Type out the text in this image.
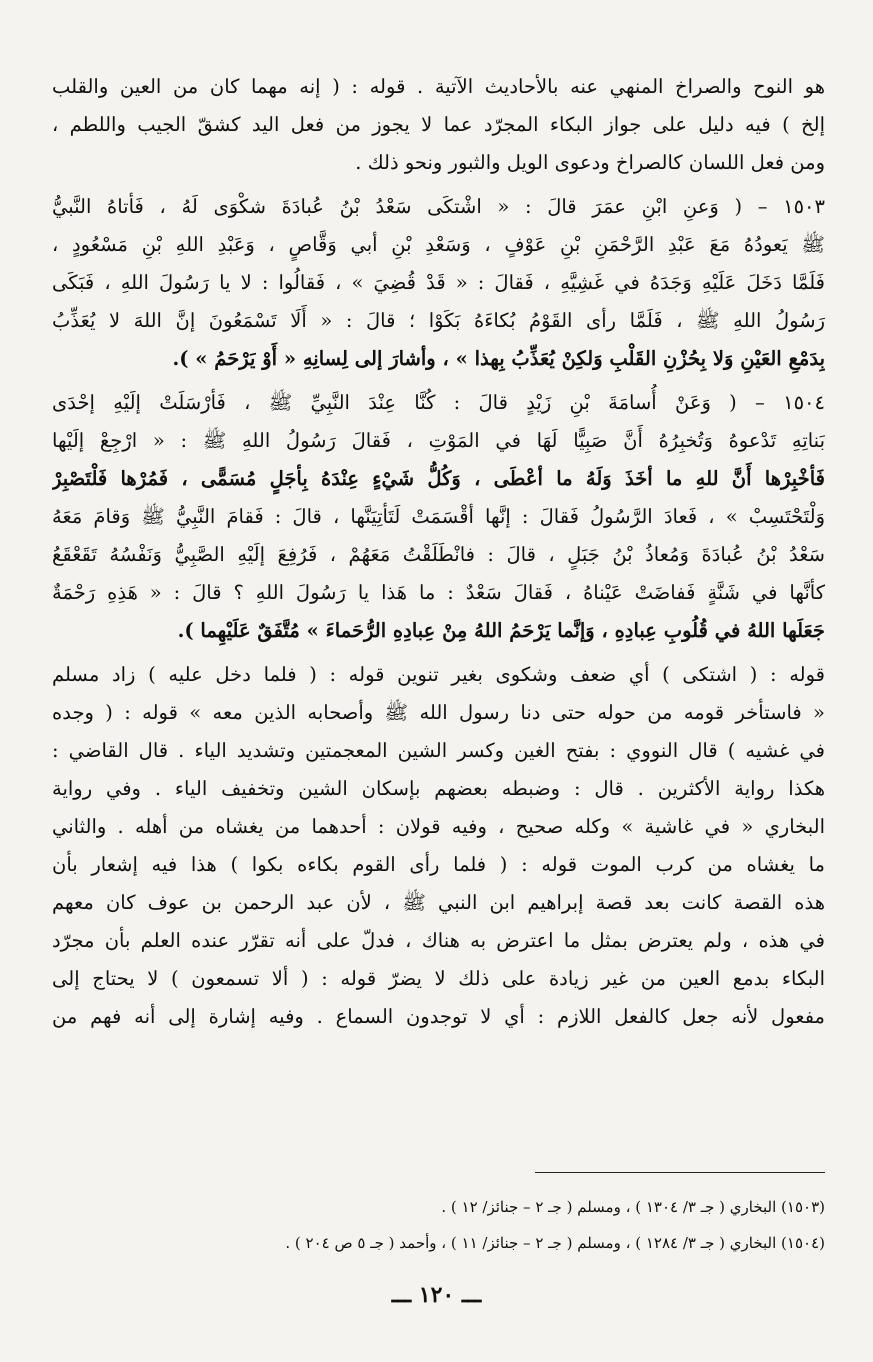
هو النوح والصراخ المنهي عنه بالأحاديث الآتية . قوله : ( إنه مهما كان من العين والقلب
إلخ ) فيه دليل على جواز البكاء المجرّد عما لا يجوز من فعل اليد كشقّ الجيب واللطم ،
ومن فعل اللسان كالصراخ ودعوى الويل والثبور ونحو ذلك .
١٥٠٣ – ( وَعنِ ابْنِ عمَرَ قالَ : « اشْتكَى سَعْدُ بْنُ عُبادَةَ شكْوَى لَهُ ، فَأتاهُ النَّبيُّ
ﷺ يَعودُهُ مَعَ عَبْدِ الرَّحْمَنِ بْنِ عَوْفٍ ، وَسَعْدِ بْنِ أبي وَقَّاصٍ ، وَعَبْدِ اللهِ بْنِ مَسْعُودٍ ،
فَلَمَّا دَخَلَ عَلَيْهِ وَجَدَهُ في غَشِيَّهِ ، فَقالَ : « قَدْ قُضِيَ » ، فَقالُوا : لا يا رَسُولَ اللهِ ، فَبَكَى
رَسُولُ اللهِ ﷺ ، فَلَمَّا رأى القَوْمُ بُكاءَهُ بَكَوْا ؛ قالَ : « أَلَا تَسْمَعُونَ إنَّ اللهَ لا يُعَذِّبُ
بِدَمْعِ العَيْنِ وَلا بِحُزْنِ القَلْبِ وَلكِنْ يُعَذِّبُ بِهذا » ، وأشارَ إلى لِسانِهِ « أَوْ يَرْحَمُ » ).
١٥٠٤ – ( وَعَنْ أُسامَةَ بْنِ زَيْدٍ قالَ : كُنَّا عِنْدَ النَّبِيِّ ﷺ ، فَأرْسَلَتْ إلَيْهِ إحْدَى
بَناتِهِ تَدْعوهُ وَتُخبِرُهُ أَنَّ صَبِيًّا لَهَا في المَوْتِ ، فَقالَ رَسُولُ اللهِ ﷺ : « ارْجِعْ إلَيْها
فَأخْبِرْها أَنَّ للهِ ما أخَذَ وَلَهُ ما أعْطَى ، وَكُلُّ شَيْءٍ عِنْدَهُ بِأجَلٍ مُسَمًّى ، فَمُرْها فَلْتَصْبِرْ
وَلْتَحْتَسِبْ » ، فَعادَ الرَّسُولُ فَقالَ : إنَّها أقْسَمَتْ لَتَأتِيَنَّها ، قالَ : فَقامَ النَّبِيُّ ﷺ وَقامَ مَعَهُ
سَعْدُ بْنُ عُبادَةَ وَمُعاذُ بْنُ جَبَلٍ ، قالَ : فانْطَلَقْتُ مَعَهُمْ ، فَرُفِعَ إلَيْهِ الصَّبِيُّ وَنَفْسُهُ تَقَعْقَعُ
كأنَّها في شَنَّةٍ فَفاضَتْ عَيْناهُ ، فَقالَ سَعْدٌ : ما هَذا يا رَسُولَ اللهِ ؟ قالَ : « هَذِهِ رَحْمَةٌ
جَعَلَها اللهُ في قُلُوبِ عِبادِهِ ، وَإنَّما يَرْحَمُ اللهُ مِنْ عِبادِهِ الرُّحَماءَ » مُتَّفَقٌ عَلَيْهِما ).
قوله : ( اشتكى ) أي ضعف وشكوى بغير تنوين قوله : ( فلما دخل عليه ) زاد مسلم
« فاستأخر قومه من حوله حتى دنا رسول الله ﷺ وأصحابه الذين معه » قوله : ( وجده
في غشيه ) قال النووي : بفتح الغين وكسر الشين المعجمتين وتشديد الياء . قال القاضي :
هكذا رواية الأكثرين . قال : وضبطه بعضهم بإسكان الشين وتخفيف الياء . وفي رواية
البخاري « في غاشية » وكله صحيح ، وفيه قولان : أحدهما من يغشاه من أهله . والثاني
ما يغشاه من كرب الموت قوله : ( فلما رأى القوم بكاءه بكوا ) هذا فيه إشعار بأن
هذه القصة كانت بعد قصة إبراهيم ابن النبي ﷺ ، لأن عبد الرحمن بن عوف كان معهم
في هذه ، ولم يعترض بمثل ما اعترض به هناك ، فدلّ على أنه تقرّر عنده العلم بأن مجرّد
البكاء بدمع العين من غير زيادة على ذلك لا يضرّ قوله : ( ألا تسمعون ) لا يحتاج إلى
مفعول لأنه جعل كالفعل اللازم : أي لا توجدون السماع . وفيه إشارة إلى أنه فهم من
(١٥٠٣) البخاري ( جـ ٣/ ١٣٠٤ ) ، ومسلم ( جـ ٢ – جنائز/ ١٢ ) .
(١٥٠٤) البخاري ( جـ ٣/ ١٢٨٤ ) ، ومسلم ( جـ ٢ – جنائز/ ١١ ) ، وأحمد ( جـ ٥ ص ٢٠٤ ) .
ـــ ١٢٠ ـــ
